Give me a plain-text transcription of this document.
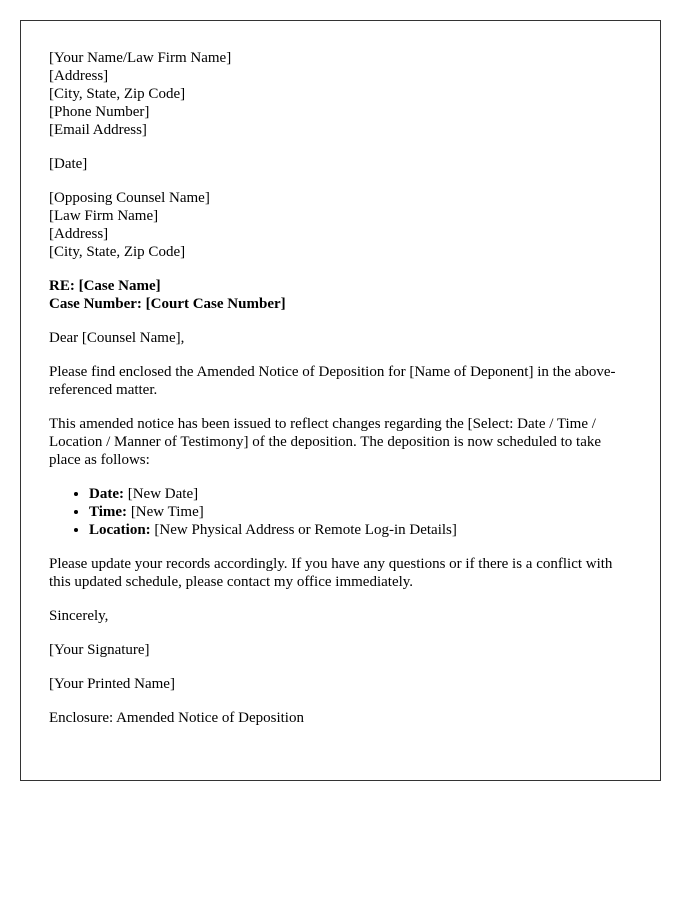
[Your Name/Law Firm Name]
[Address]
[City, State, Zip Code]
[Phone Number]
[Email Address]

[Date]

[Opposing Counsel Name]
[Law Firm Name]
[Address]
[City, State, Zip Code]

RE: [Case Name]
Case Number: [Court Case Number]

Dear [Counsel Name],

Please find enclosed the Amended Notice of Deposition for [Name of Deponent] in the above-referenced matter.

This amended notice has been issued to reflect changes regarding the [Select: Date / Time / Location / Manner of Testimony] of the deposition. The deposition is now scheduled to take place as follows:

• Date: [New Date]
• Time: [New Time]
• Location: [New Physical Address or Remote Log-in Details]

Please update your records accordingly. If you have any questions or if there is a conflict with this updated schedule, please contact my office immediately.

Sincerely,

[Your Signature]

[Your Printed Name]

Enclosure: Amended Notice of Deposition
